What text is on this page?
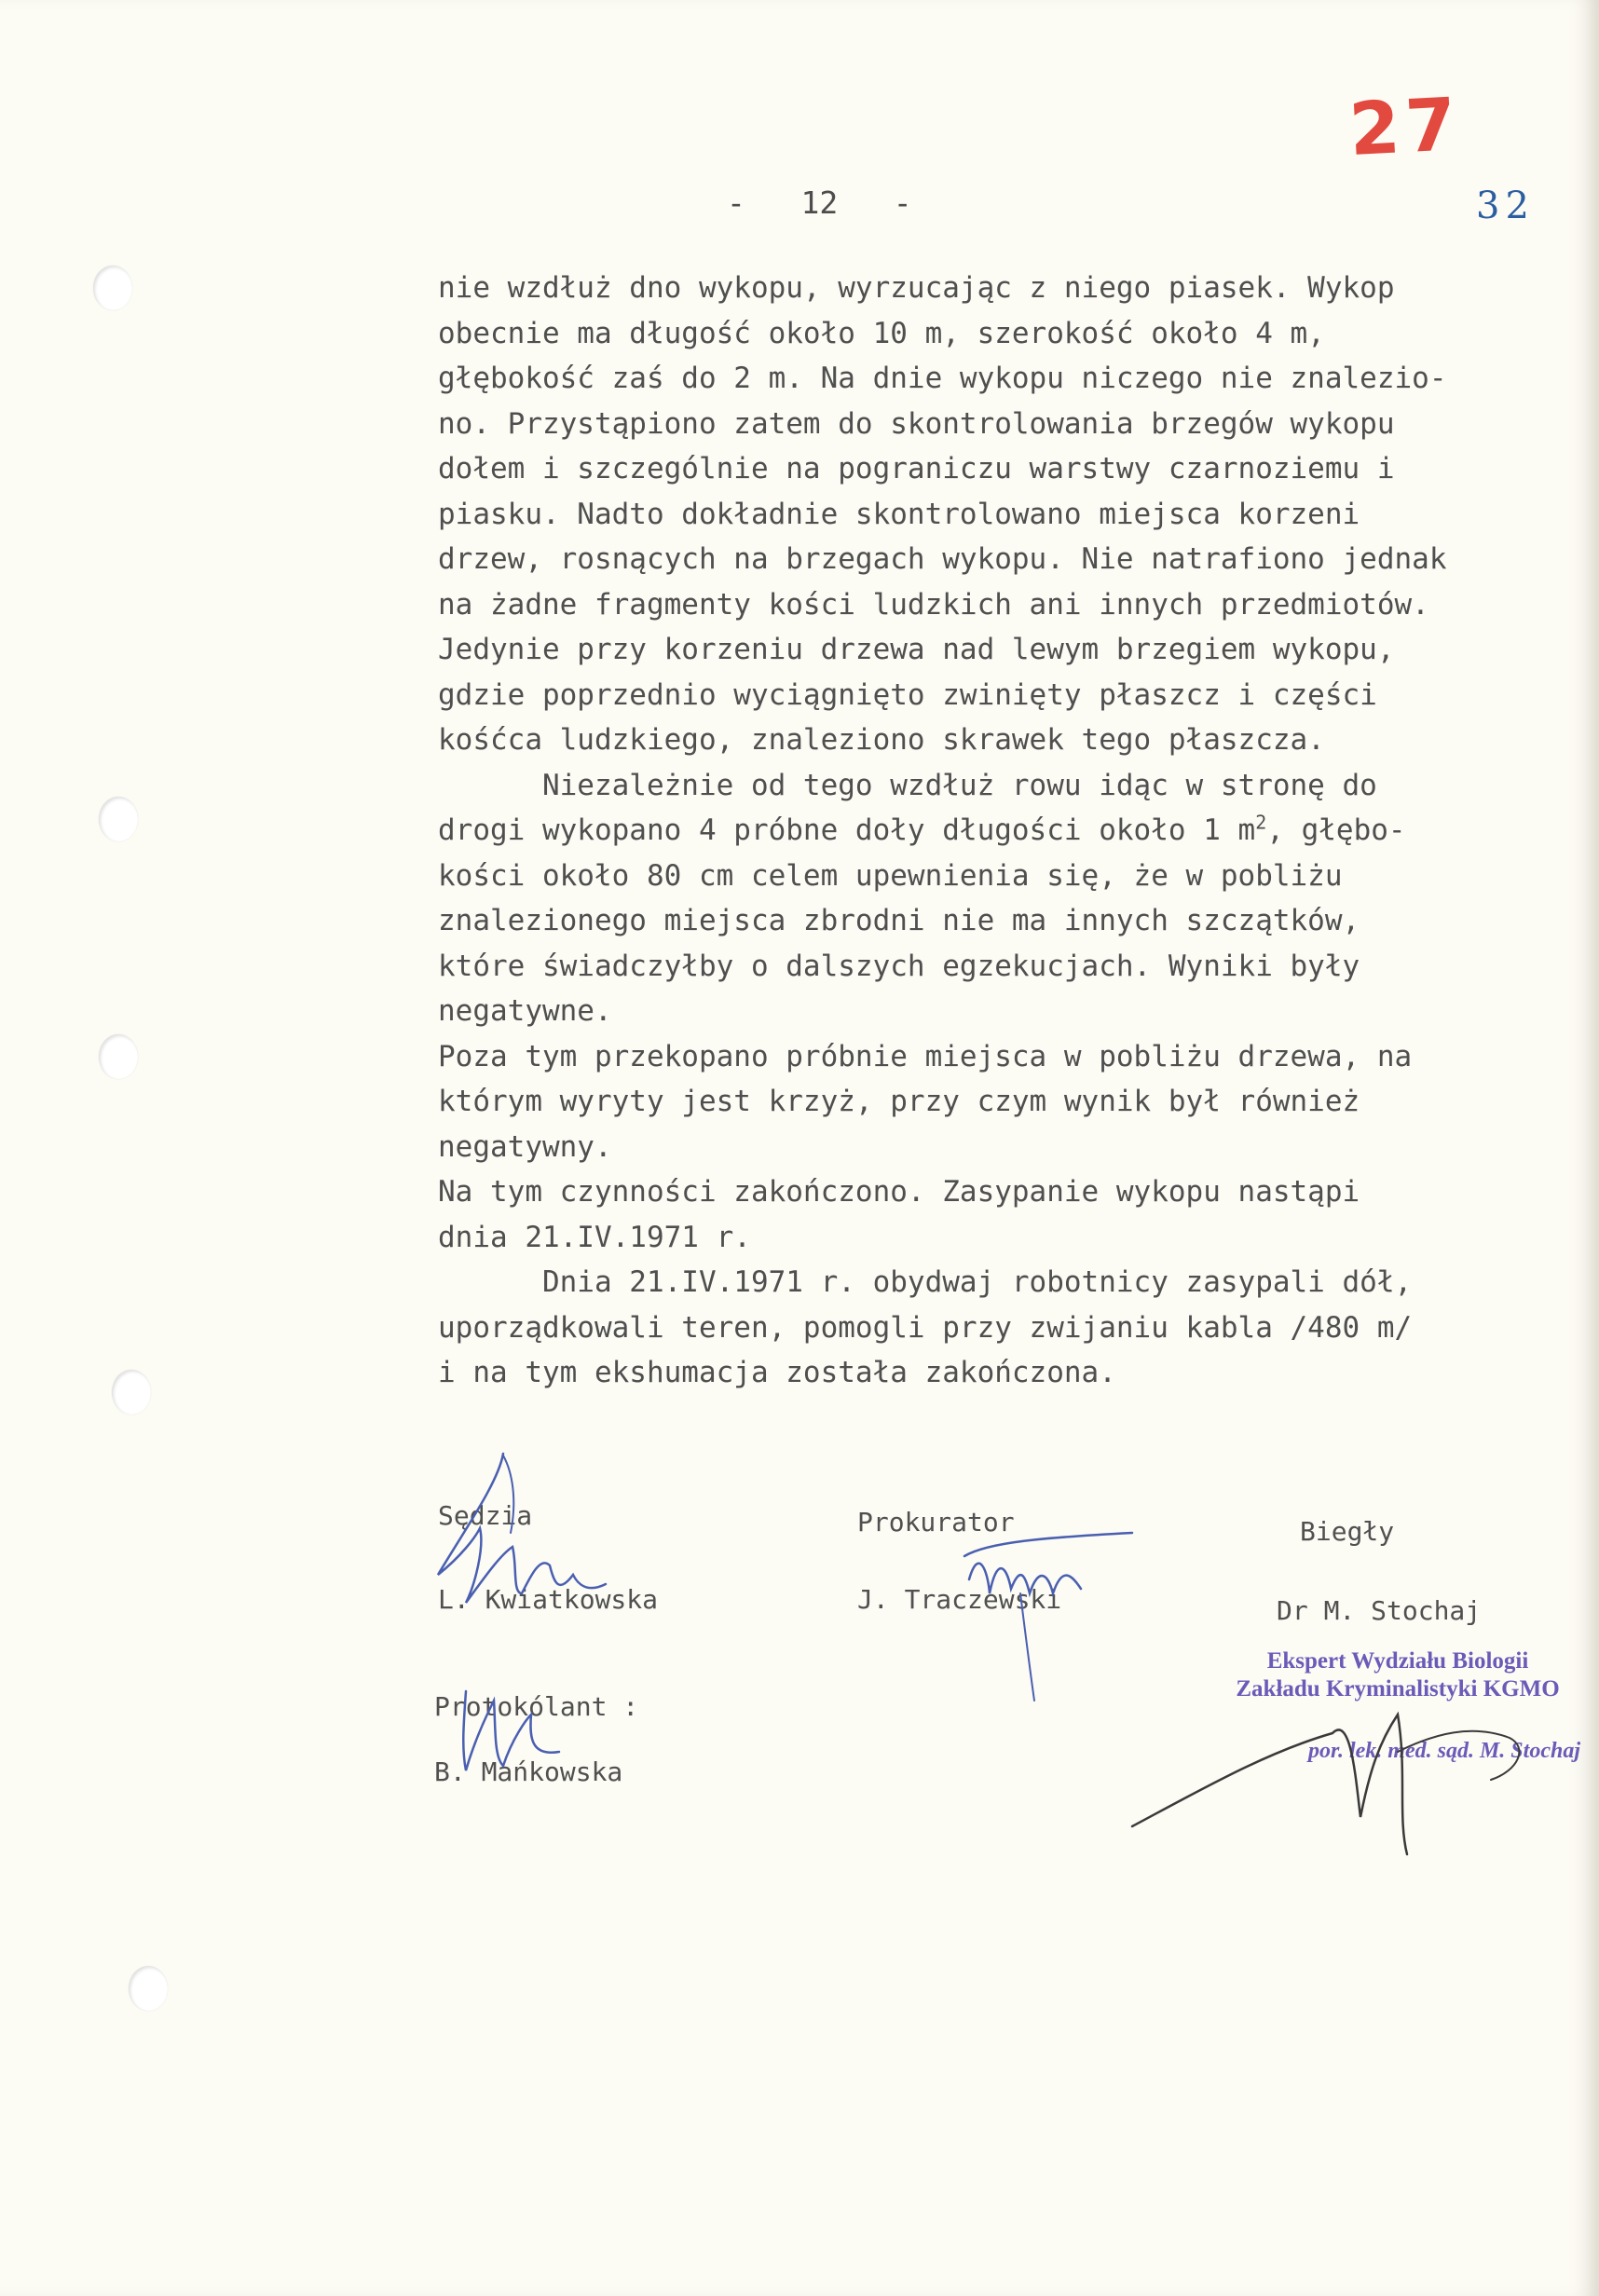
27
32
-   12   -
nie wzdłuż dno wykopu, wyrzucając z niego piasek. Wykop
obecnie ma długość około 10 m, szerokość około 4 m,
głębokość zaś do 2 m. Na dnie wykopu niczego nie znalezio-
no. Przystąpiono zatem do skontrolowania brzegów wykopu
dołem i szczególnie na pograniczu warstwy czarnoziemu i
piasku. Nadto dokładnie skontrolowano miejsca korzeni
drzew, rosnących na brzegach wykopu. Nie natrafiono jednak
na żadne fragmenty kości ludzkich ani innych przedmiotów.
Jedynie przy korzeniu drzewa nad lewym brzegiem wykopu,
gdzie poprzednio wyciągnięto zwinięty płaszcz i części
kośćca ludzkiego, znaleziono skrawek tego płaszcza.
Niezależnie od tego wzdłuż rowu idąc w stronę do
drogi wykopano 4 próbne doły długości około 1 $m^2$, głębo-
kości około 80 cm celem upewnienia się, że w pobliżu
znalezionego miejsca zbrodni nie ma innych szczątków,
które świadczyłby o dalszych egzekucjach. Wyniki były
negatywne.
Poza tym przekopano próbnie miejsca w pobliżu drzewa, na
którym wyryty jest krzyż, przy czym wynik był również
negatywny.
Na tym czynności zakończono. Zasypanie wykopu nastąpi
dnia 21.IV.1971 r.
Dnia 21.IV.1971 r. obydwaj robotnicy zasypali dół,
uporządkowali teren, pomogli przy zwijaniu kabla /480 m/
i na tym ekshumacja została zakończona.
Sędzia
L. Kwiatkowska
Prokurator
J. Traczewski
Biegły
Dr M. Stochaj
Protokólant :
B. Mańkowska
Ekspert Wydziału Biologii
Zakładu Kryminalistyki KGMO
por. lek. med. sąd. M. Stochaj
